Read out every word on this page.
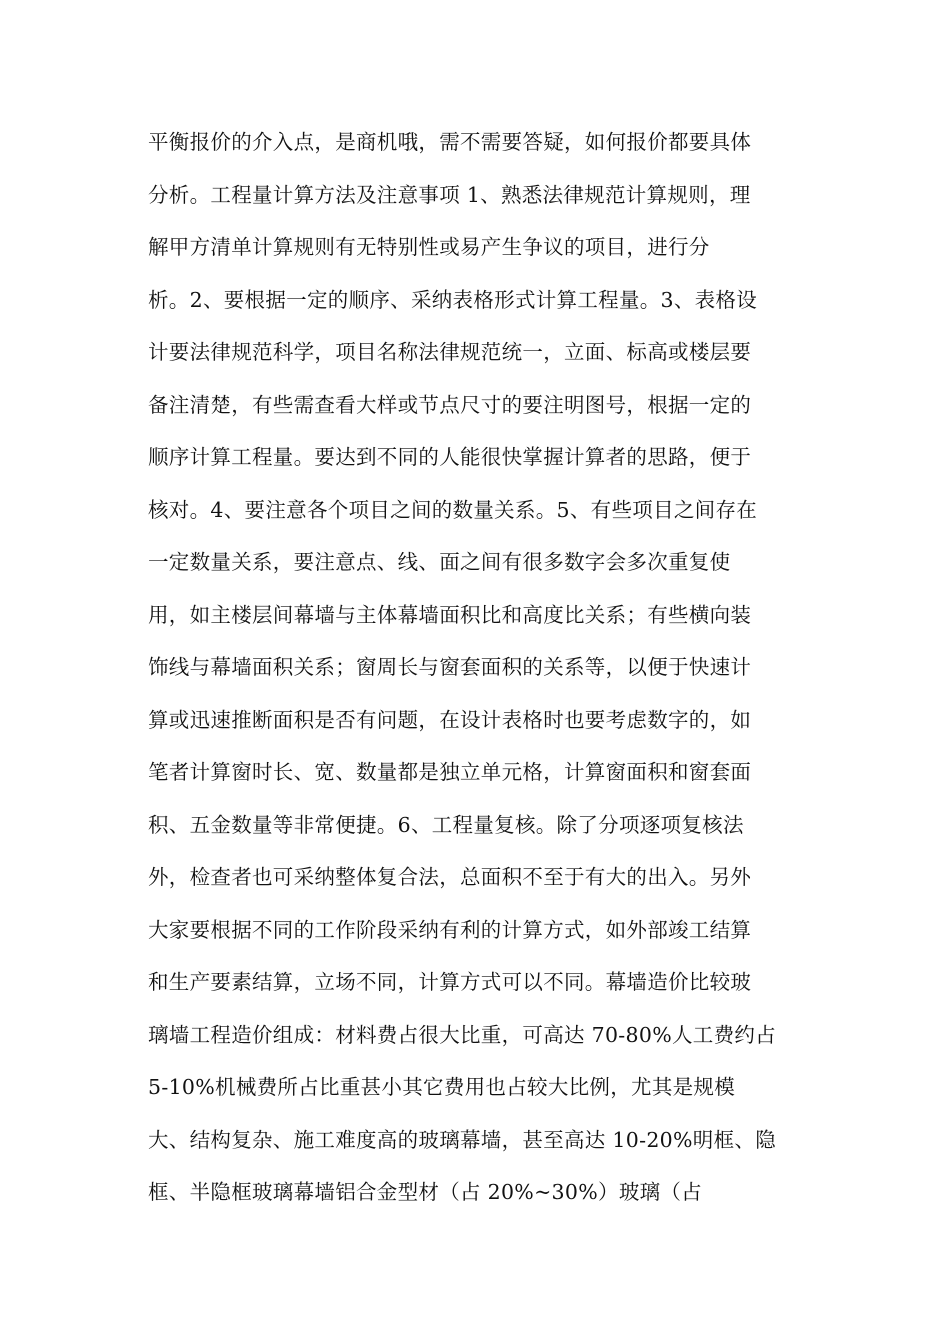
平衡报价的介入点，是商机哦，需不需要答疑，如何报价都要具体
分析。工程量计算方法及注意事项 1、熟悉法律规范计算规则，理
解甲方清单计算规则有无特别性或易产生争议的项目，进行分
析。2、要根据一定的顺序、采纳表格形式计算工程量。3、表格设
计要法律规范科学，项目名称法律规范统一，立面、标高或楼层要
备注清楚，有些需查看大样或节点尺寸的要注明图号，根据一定的
顺序计算工程量。要达到不同的人能很快掌握计算者的思路，便于
核对。4、要注意各个项目之间的数量关系。5、有些项目之间存在
一定数量关系，要注意点、线、面之间有很多数字会多次重复使
用，如主楼层间幕墙与主体幕墙面积比和高度比关系；有些横向装
饰线与幕墙面积关系；窗周长与窗套面积的关系等，以便于快速计
算或迅速推断面积是否有问题，在设计表格时也要考虑数字的，如
笔者计算窗时长、宽、数量都是独立单元格，计算窗面积和窗套面
积、五金数量等非常便捷。6、工程量复核。除了分项逐项复核法
外，检查者也可采纳整体复合法，总面积不至于有大的出入。另外
大家要根据不同的工作阶段采纳有利的计算方式，如外部竣工结算
和生产要素结算，立场不同，计算方式可以不同。幕墙造价比较玻
璃墙工程造价组成：材料费占很大比重，可高达 70-80%人工费约占
5-10%机械费所占比重甚小其它费用也占较大比例，尤其是规模
大、结构复杂、施工难度高的玻璃幕墙，甚至高达 10-20%明框、隐
框、半隐框玻璃幕墙铝合金型材（占 20%~30%）玻璃（占
